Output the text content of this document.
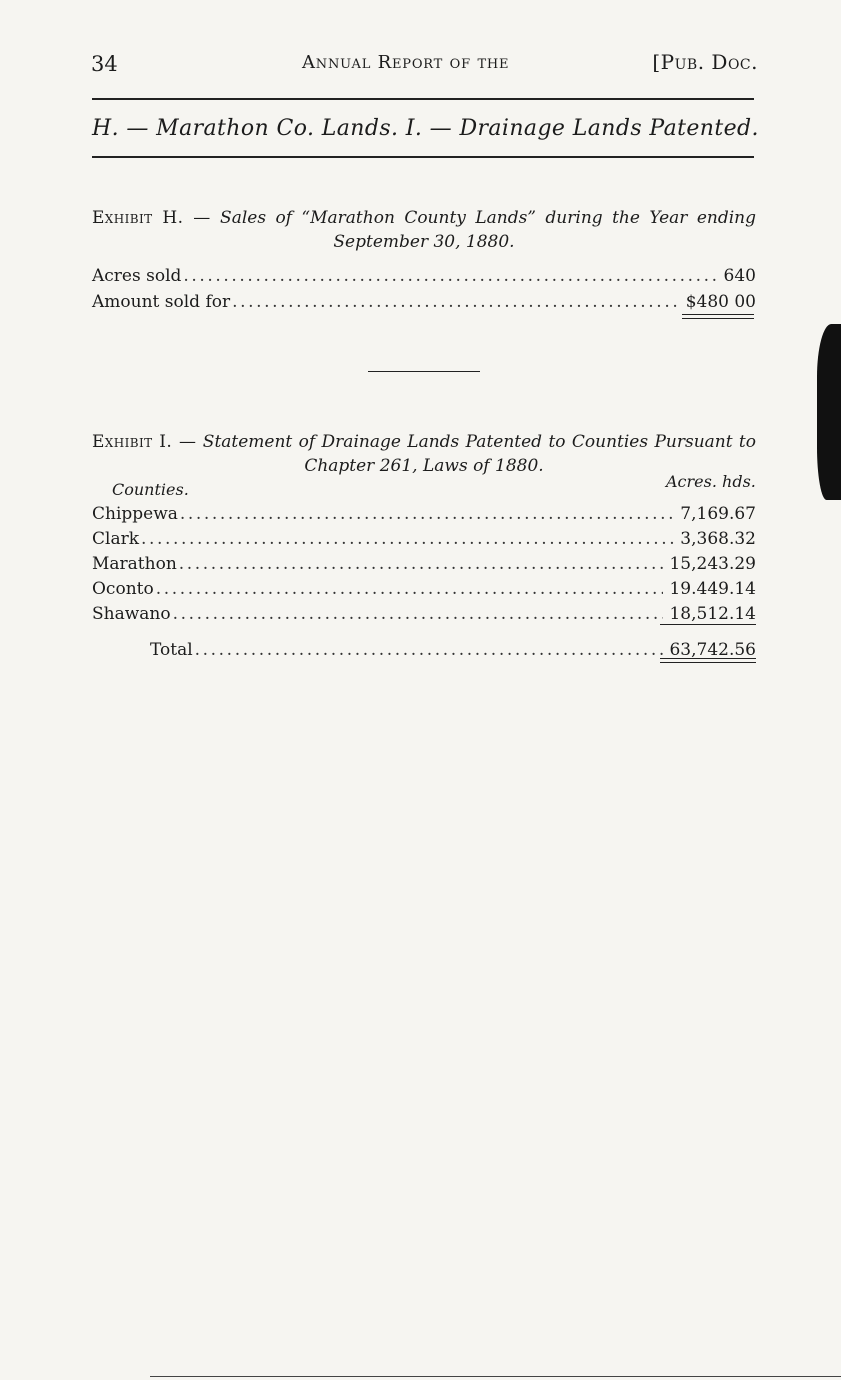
34	Annual Report of the	[Pub. Doc.
H. — Marathon Co. Lands. I. — Drainage Lands Patented.
Exhibit H. — Sales of “Marathon County Lands” during the Year ending September 30, 1880.
Acres sold .....	640
Amount sold for .....	$480 00
Exhibit I. — Statement of Drainage Lands Patented to Counties Pursuant to Chapter 261, Laws of 1880.
Counties.	Acres. hds.
Chippewa .....	7,169.67
Clark .....	3,368.32
Marathon .....	15,243.29
Oconto .....	19.449.14
Shawano .....	18,512.14
Total .....	63,742.56
